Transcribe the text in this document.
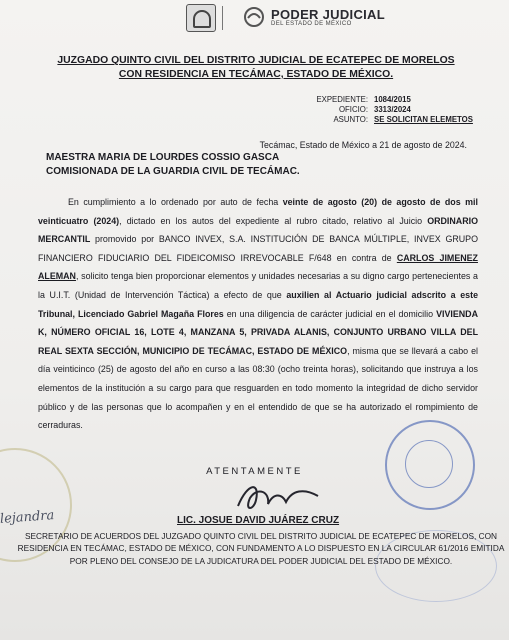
PODER JUDICIAL
DEL ESTADO DE MÉXICO
JUZGADO QUINTO CIVIL DEL DISTRITO JUDICIAL DE ECATEPEC DE MORELOS
CON RESIDENCIA EN TECÁMAC, ESTADO DE MÉXICO.
EXPEDIENTE: 1084/2015
OFICIO: 3313/2024
ASUNTO: SE SOLICITAN ELEMETOS
Tecámac, Estado de México a 21 de agosto de 2024.
MAESTRA MARIA DE LOURDES COSSIO GASCA
COMISIONADA DE LA GUARDIA CIVIL DE TECÁMAC.
En cumplimiento a lo ordenado por auto de fecha veinte de agosto (20) de agosto de dos mil veinticuatro (2024), dictado en los autos del expediente al rubro citado, relativo al Juicio ORDINARIO MERCANTIL promovido por BANCO INVEX, S.A. INSTITUCIÓN DE BANCA MÚLTIPLE, INVEX GRUPO FINANCIERO FIDUCIARIO DEL FIDEICOMISO IRREVOCABLE F/648 en contra de CARLOS JIMENEZ ALEMAN, solicito tenga bien proporcionar elementos y unidades necesarias a su digno cargo pertenecientes a la U.I.T. (Unidad de Intervención Táctica) a efecto de que auxilien al Actuario judicial adscrito a este Tribunal, Licenciado Gabriel Magaña Flores en una diligencia de carácter judicial en el domicilio VIVIENDA K, NÚMERO OFICIAL 16, LOTE 4, MANZANA 5, PRIVADA ALANIS, CONJUNTO URBANO VILLA DEL REAL SEXTA SECCIÓN, MUNICIPIO DE TECÁMAC, ESTADO DE MÉXICO, misma que se llevará a cabo el día veinticinco (25) de agosto del año en curso a las 08:30 (ocho treinta horas), solicitando que instruya a los elementos de la institución a su cargo para que resguarden en todo momento la integridad de dicho servidor público y de las personas que lo acompañen y en el entendido de que se ha autorizado el rompimiento de cerraduras.
lejandra
ATENTAMENTE
LIC. JOSUE DAVID JUÁREZ CRUZ
SECRETARIO DE ACUERDOS DEL JUZGADO QUINTO CIVIL DEL DISTRITO JUDICIAL DE ECATEPEC DE MORELOS, CON RESIDENCIA EN TECÁMAC, ESTADO DE MÉXICO, CON FUNDAMENTO A LO DISPUESTO EN LA CIRCULAR 61/2016 EMITIDA POR PLENO DEL CONSEJO DE LA JUDICATURA DEL PODER JUDICIAL DEL ESTADO DE MÉXICO.
